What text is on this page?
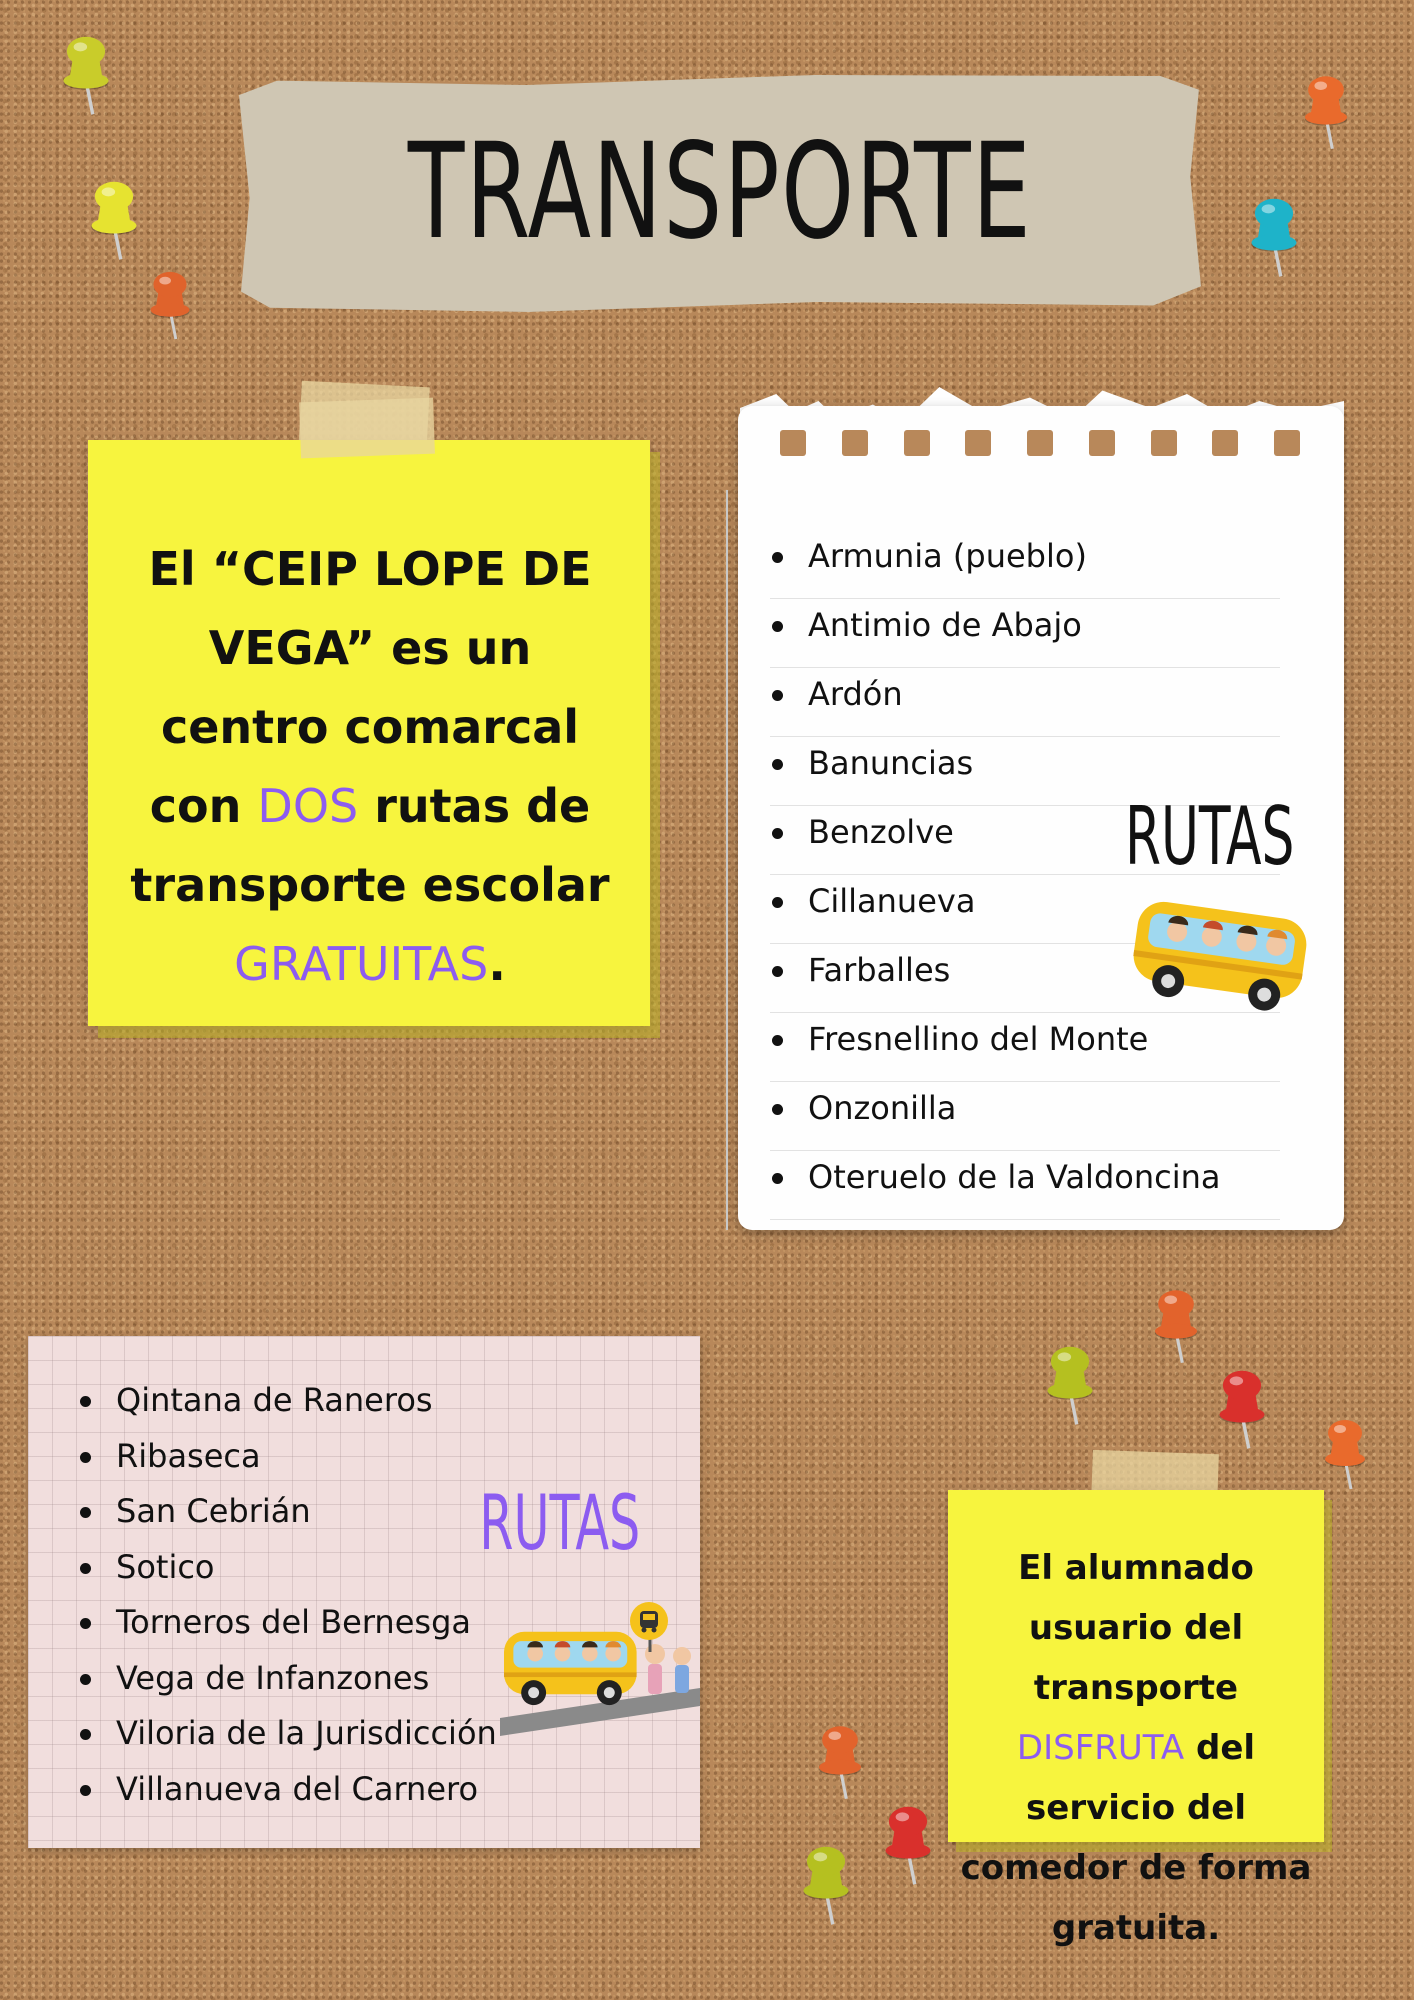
TRANSPORTE
El “CEIP LOPE DE VEGA” es un centro comarcal con DOS rutas de transporte escolar GRATUITAS.
Armunia (pueblo)
Antimio de Abajo
Ardón
Banuncias
Benzolve
Cillanueva
Farballes
Fresnellino del Monte
Onzonilla
Oteruelo de la Valdoncina
RUTAS
Qintana de Raneros
Ribaseca
San Cebrián
Sotico
Torneros del Bernesga
Vega de Infanzones
Viloria de la Jurisdicción
Villanueva del Carnero
RUTAS
El alumnado usuario del transporte DISFRUTA del servicio del comedor de forma gratuita.
